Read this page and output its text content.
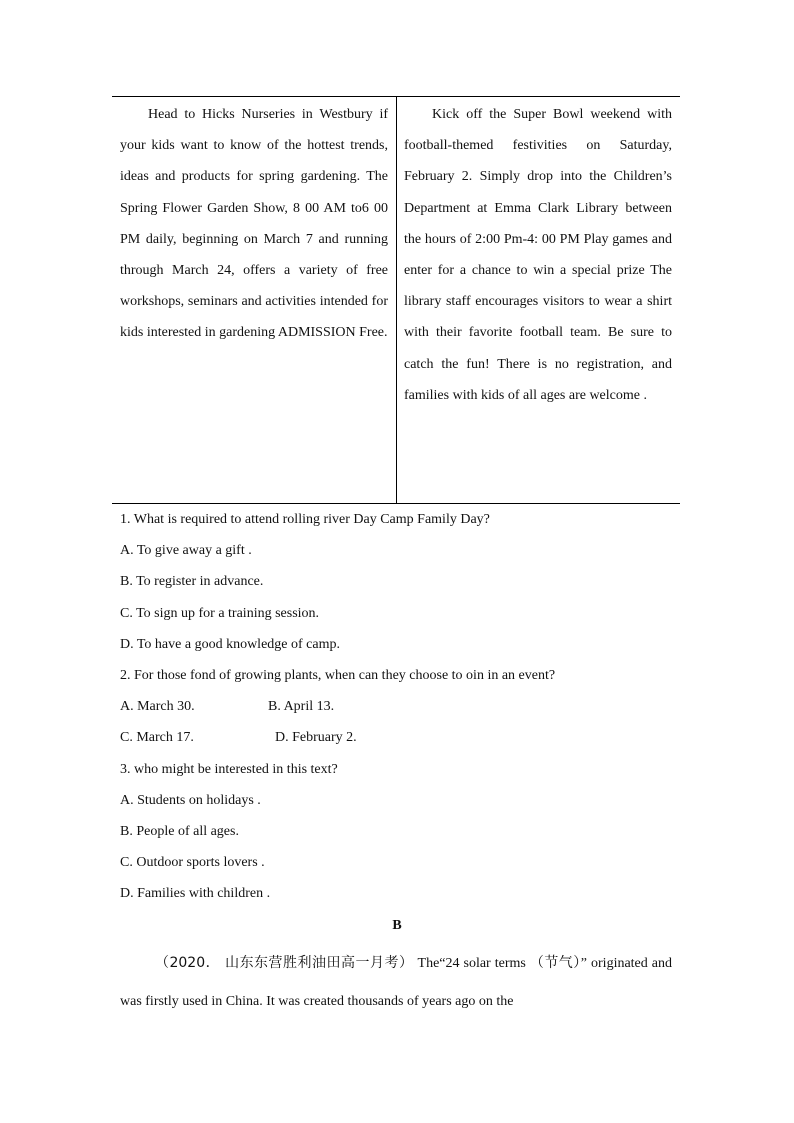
Head to Hicks Nurseries in Westbury if your kids want to know of the hottest trends, ideas and products for spring gardening. The Spring Flower Garden Show, 8 00 AM to6 00 PM daily, beginning on March 7 and running through March 24, offers a variety of free workshops, seminars and activities intended for kids interested in gardening ADMISSION Free.

Kick off the Super Bowl weekend with football-themed festivities on Saturday, February 2. Simply drop into the Children’s Department at Emma Clark Library between the hours of 2:00 Pm-4: 00 PM Play games and enter for a chance to win a special prize The library staff encourages visitors to wear a shirt with their favorite football team. Be sure to catch the fun! There is no registration, and families with kids of all ages are welcome .

1. What is required to attend rolling river Day Camp Family Day?
A. To give away a gift .
B. To register in advance.
C. To sign up for a training session.
D. To have a good knowledge of camp.
2. For those fond of growing plants, when can they choose to oin in an event?
A. March 30.	B. April 13.
C. March 17.	D. February 2.
3. who might be interested in this text?
A. Students on holidays .
B. People of all ages.
C. Outdoor sports lovers .
D. Families with children .
B

（2020． 山东东营胜利油田高一月考） The“24 solar terms （节气）” originated and was firstly used in China. It was created thousands of years ago on the
